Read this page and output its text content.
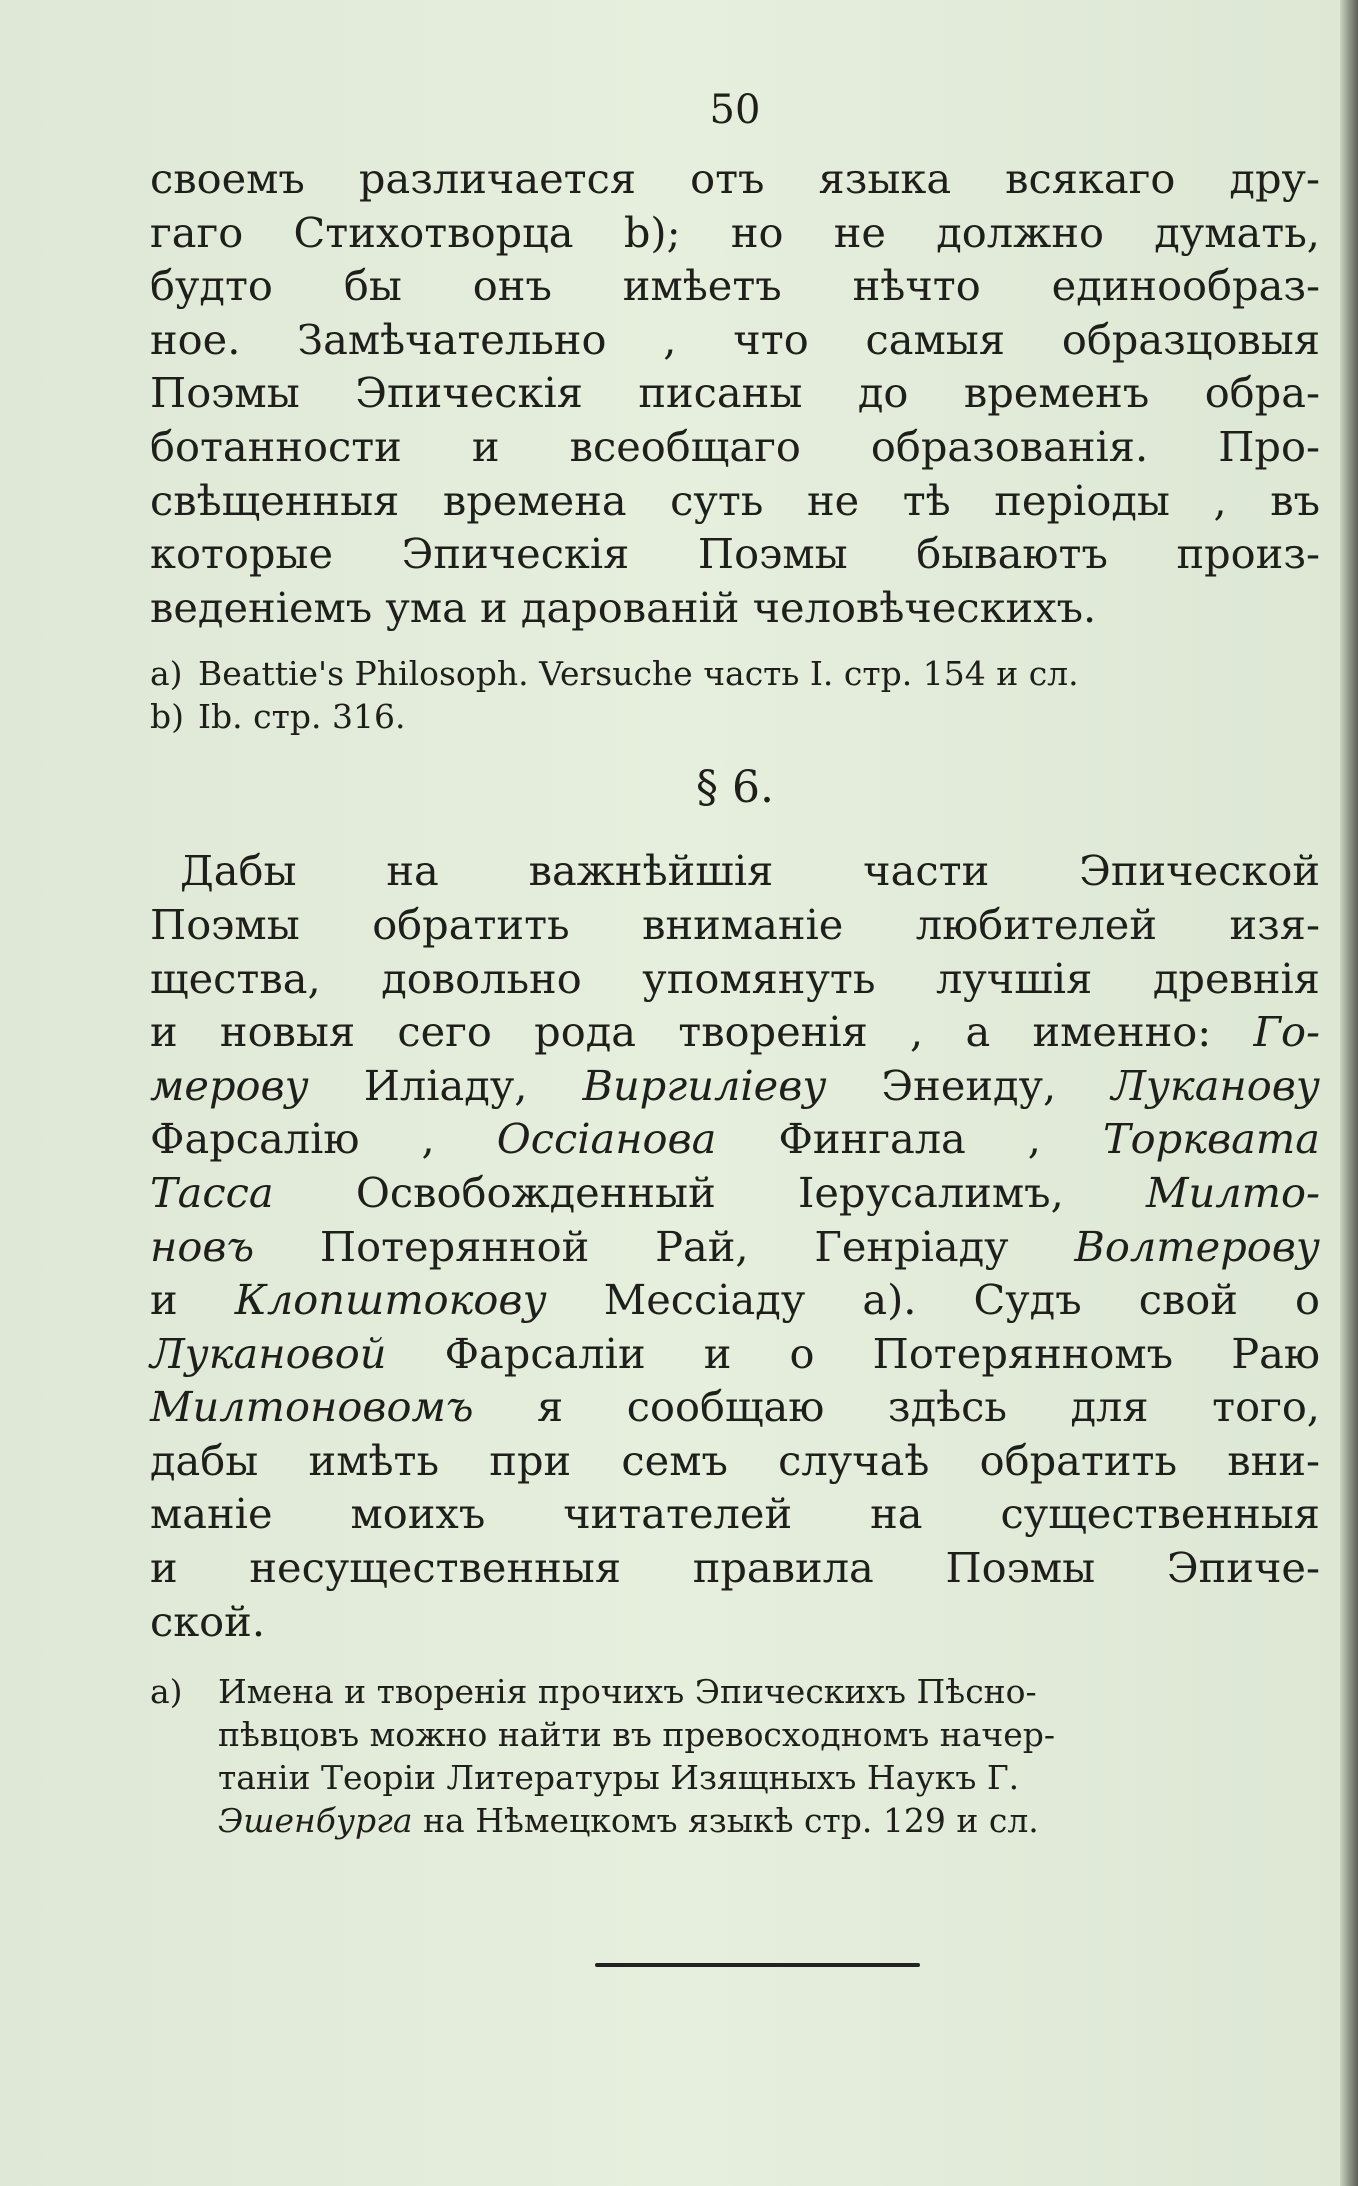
50
своемъ различается отъ языка всякаго дру-
гаго Стихотворца b); но не должно думать,
будто бы онъ имѣетъ нѣчто единообраз-
ное. Замѣчательно , что самыя образцовыя
Поэмы Эпическія писаны до временъ обра-
ботанности и всеобщаго образованія. Про-
свѣщенныя времена суть не тѣ періоды , въ
которые Эпическія Поэмы бываютъ произ-
веденіемъ ума и дарованій человѣческихъ.
a) Beattie's Philosoph. Versuche часть I. стр. 154 и сл.
b) Ib. стр. 316.
§ 6.
Дабы на важнѣйшія части Эпической
Поэмы обратить вниманіе любителей изя-
щества, довольно упомянуть лучшія древнія
и новыя сего рода творенія , а именно: Го-
мерову Иліаду, Виргиліеву Энеиду, Луканову
Фарсалію , Оссіанова Фингала , Торквата
Тасса Освобожденный Іерусалимъ, Милто-
новъ Потерянной Рай, Генріаду Волтерову
и Клопштокову Мессіаду а). Судъ свой о
Лукановой Фарсаліи и о Потерянномъ Раю
Милтоновомъ я сообщаю здѣсь для того,
дабы имѣть при семъ случаѣ обратить вни-
маніе моихъ читателей на существенныя
и несущественныя правила Поэмы Эпиче-
ской.
a) Имена и творенія прочихъ Эпическихъ Пѣсно-
пѣвцовъ можно найти въ превосходномъ начер-
таніи Теоріи Литературы Изящныхъ Наукъ Г.
Эшенбурга на Нѣмецкомъ языкѣ стр. 129 и сл.
